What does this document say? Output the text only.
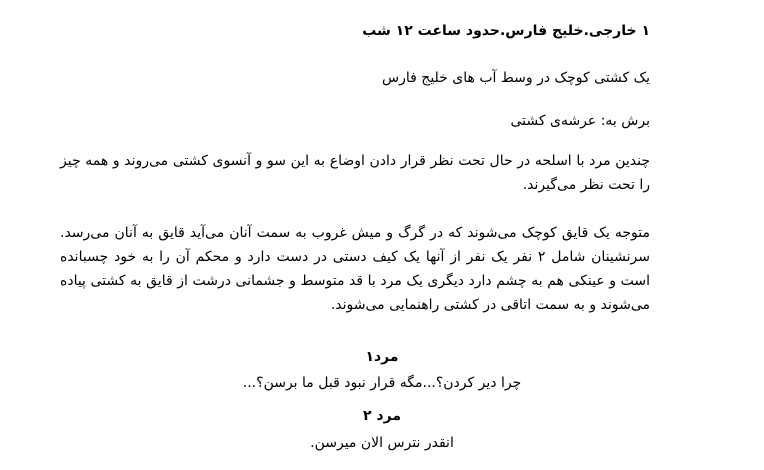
۱ خارجی.خلیج فارس.حدود ساعت ۱۲ شب
یک کشتی کوچک در وسط آب های خلیج فارس
برش به: عرشه‌ی کشتی
چندین مرد با اسلحه در حال تحت نظر قرار دادن اوضاع به این سو و آنسوی کشتی می‌روند و همه چیز را تحت نظر می‌گیرند.
متوجه یک قایق کوچک می‌شوند که در گرگ و میش غروب به سمت آنان می‌آید قایق به آنان می‌رسد. سرنشینان شامل ۲ نفر یک نفر از آنها یک کیف دستی در دست دارد و محکم آن را به خود چسبانده است و عینکی هم به چشم دارد دیگری یک مرد با قد متوسط و جشمانی درشت از قایق به کشتی پیاده می‌شوند و به سمت اتاقی در کشتی راهنمایی می‌شوند.
مرد۱
چرا دیر کردن؟...مگه قرار نبود قبل ما برسن؟...
مرد ۲
انقدر نترس الان میرسن.
